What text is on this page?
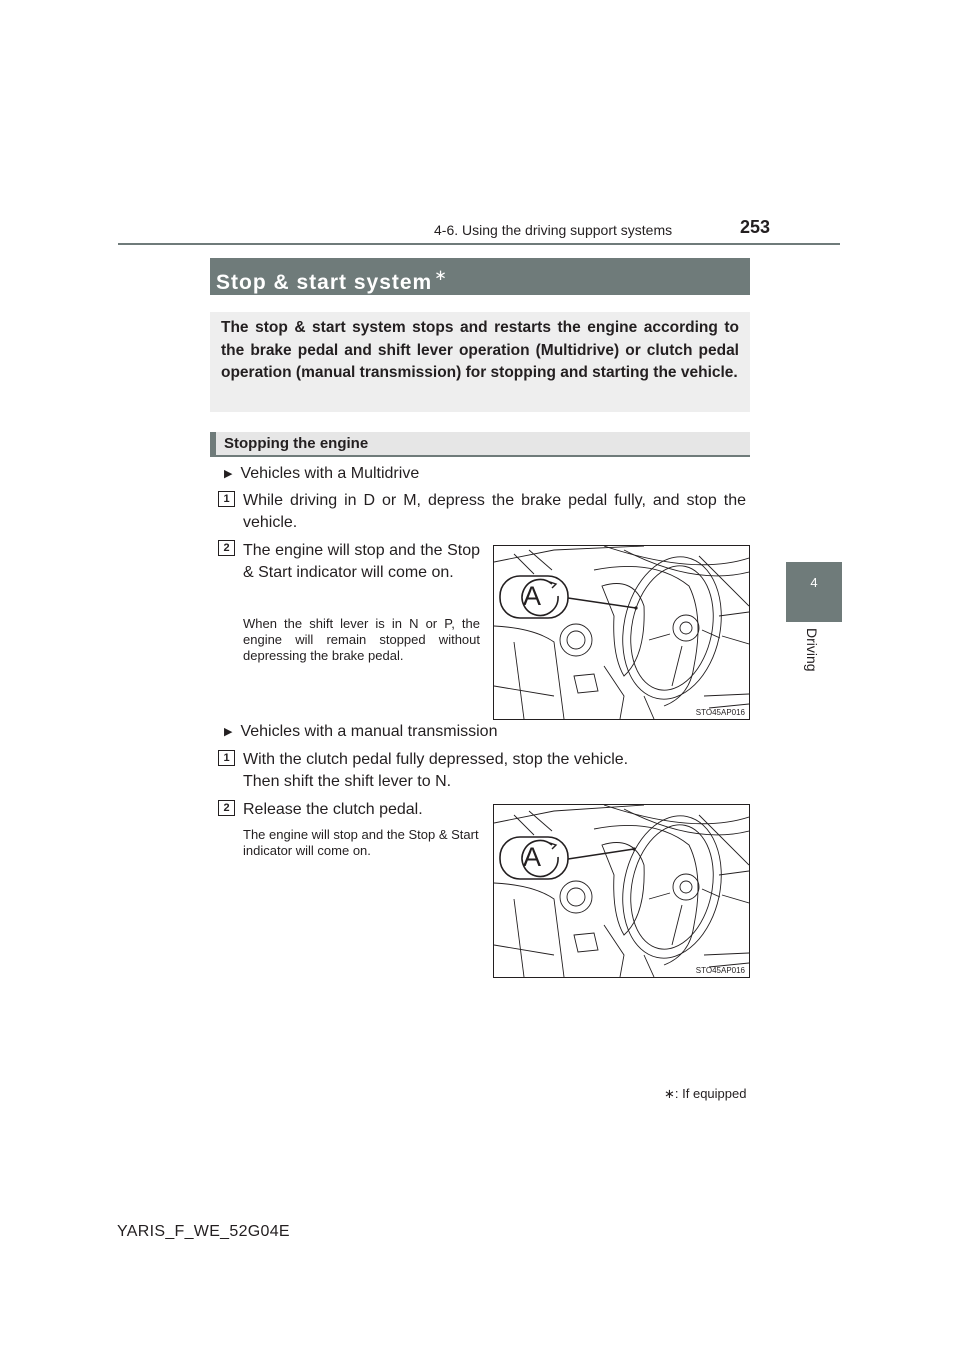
4-6. Using the driving support systems	253
4
Driving
Stop & start system ∗
The stop & start system stops and restarts the engine according to the brake pedal and shift lever operation (Multidrive) or clutch pedal operation (manual transmission) for stopping and starting the vehicle.
Stopping the engine
▶ Vehicles with a Multidrive
1 While driving in D or M, depress the brake pedal fully, and stop the vehicle.
2 The engine will stop and the Stop & Start indicator will come on.
When the shift lever is in N or P, the engine will remain stopped without depressing the brake pedal.
A
STO45AP016
▶ Vehicles with a manual transmission
1 With the clutch pedal fully depressed, stop the vehicle.
Then shift the shift lever to N.
2 Release the clutch pedal.
The engine will stop and the Stop & Start indicator will come on.	A
STO45AP016
∗: If equipped
YARIS_F_WE_52G04E
